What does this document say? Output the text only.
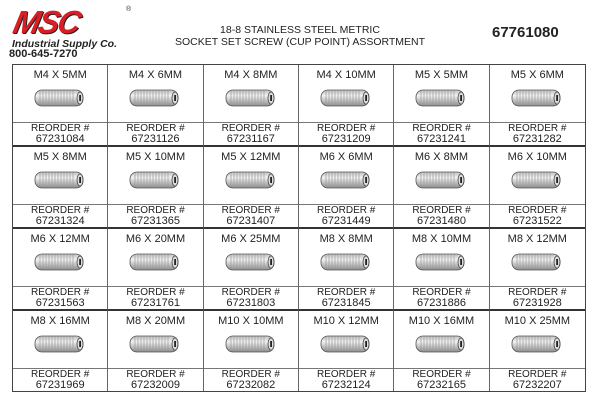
MSC	®
Industrial Supply Co.
800-645-7270
18-8 STAINLESS STEEL METRIC
SOCKET SET SCREW (CUP POINT) ASSORTMENT
67761080
M4 X 5MM
REORDER #
67231084
M4 X 6MM
REORDER #
67231126
M4 X 8MM
REORDER #
67231167
M4 X 10MM
REORDER #
67231209
M5 X 5MM
REORDER #
67231241
M5 X 6MM
REORDER #
67231282
M5 X 8MM
REORDER #
67231324
M5 X 10MM
REORDER #
67231365
M5 X 12MM
REORDER #
67231407
M6 X 6MM
REORDER #
67231449
M6 X 8MM
REORDER #
67231480
M6 X 10MM
REORDER #
67231522
M6 X 12MM
REORDER #
67231563
M6 X 20MM
REORDER #
67231761
M6 X 25MM
REORDER #
67231803
M8 X 8MM
REORDER #
67231845
M8 X 10MM
REORDER #
67231886
M8 X 12MM
REORDER #
67231928
M8 X 16MM
REORDER #
67231969
M8 X 20MM
REORDER #
67232009
M10 X 10MM
REORDER #
67232082
M10 X 12MM
REORDER #
67232124
M10 X 16MM
REORDER #
67232165
M10 X 25MM
REORDER #
67232207
